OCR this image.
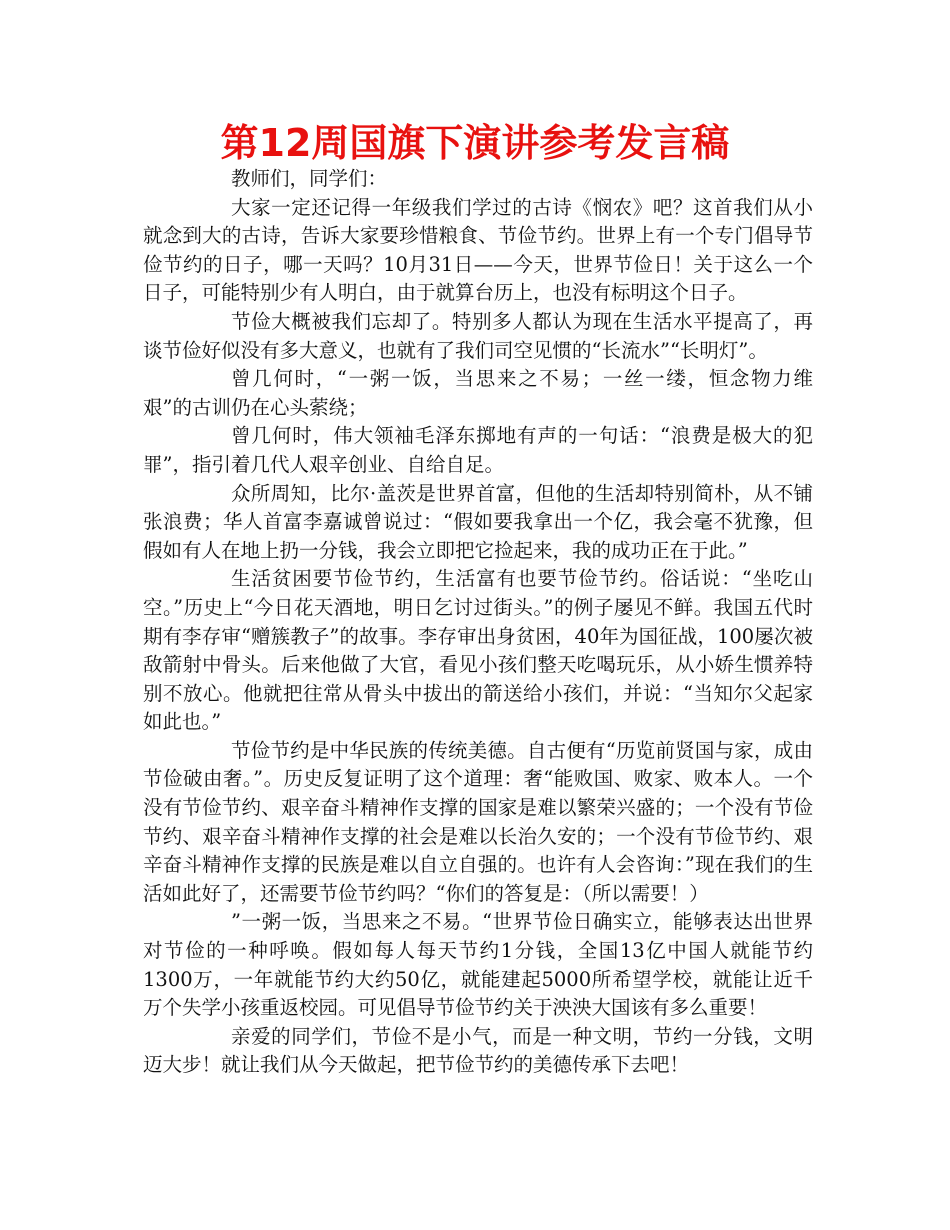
第12周国旗下演讲参考发言稿

教师们，同学们：

大家一定还记得一年级我们学过的古诗《悯农》吧？这首我们从小就念到大的古诗，告诉大家要珍惜粮食、节俭节约。世界上有一个专门倡导节俭节约的日子，哪一天吗？10月31日——今天，世界节俭日！关于这么一个日子，可能特别少有人明白，由于就算台历上，也没有标明这个日子。

节俭大概被我们忘却了。特别多人都认为现在生活水平提高了，再谈节俭好似没有多大意义，也就有了我们司空见惯的“长流水”“长明灯”。

曾几何时，“一粥一饭，当思来之不易；一丝一缕，恒念物力维艰”的古训仍在心头萦绕；

曾几何时，伟大领袖毛泽东掷地有声的一句话：“浪费是极大的犯罪”，指引着几代人艰辛创业、自给自足。

众所周知，比尔·盖茨是世界首富，但他的生活却特别简朴，从不铺张浪费；华人首富李嘉诚曾说过：“假如要我拿出一个亿，我会毫不犹豫，但假如有人在地上扔一分钱，我会立即把它捡起来，我的成功正在于此。”

生活贫困要节俭节约，生活富有也要节俭节约。俗话说：“坐吃山空。”历史上“今日花天酒地，明日乞讨过街头。”的例子屡见不鲜。我国五代时期有李存审“赠簇教子”的故事。李存审出身贫困，40年为国征战，100屡次被敌箭射中骨头。后来他做了大官，看见小孩们整天吃喝玩乐，从小娇生惯养特别不放心。他就把往常从骨头中拔出的箭送给小孩们，并说：“当知尔父起家如此也。”

节俭节约是中华民族的传统美德。自古便有“历览前贤国与家，成由节俭破由奢。”。历史反复证明了这个道理：奢“能败国、败家、败本人。一个没有节俭节约、艰辛奋斗精神作支撑的国家是难以繁荣兴盛的；一个没有节俭节约、艰辛奋斗精神作支撑的社会是难以长治久安的；一个没有节俭节约、艰辛奋斗精神作支撑的民族是难以自立自强的。也许有人会咨询：”现在我们的生活如此好了，还需要节俭节约吗？“你们的答复是：（所以需要！）

”一粥一饭，当思来之不易。“世界节俭日确实立，能够表达出世界对节俭的一种呼唤。假如每人每天节约1分钱，全国13亿中国人就能节约1300万，一年就能节约大约50亿，就能建起5000所希望学校，就能让近千万个失学小孩重返校园。可见倡导节俭节约关于泱泱大国该有多么重要！

亲爱的同学们，节俭不是小气，而是一种文明，节约一分钱，文明迈大步！就让我们从今天做起，把节俭节约的美德传承下去吧！
